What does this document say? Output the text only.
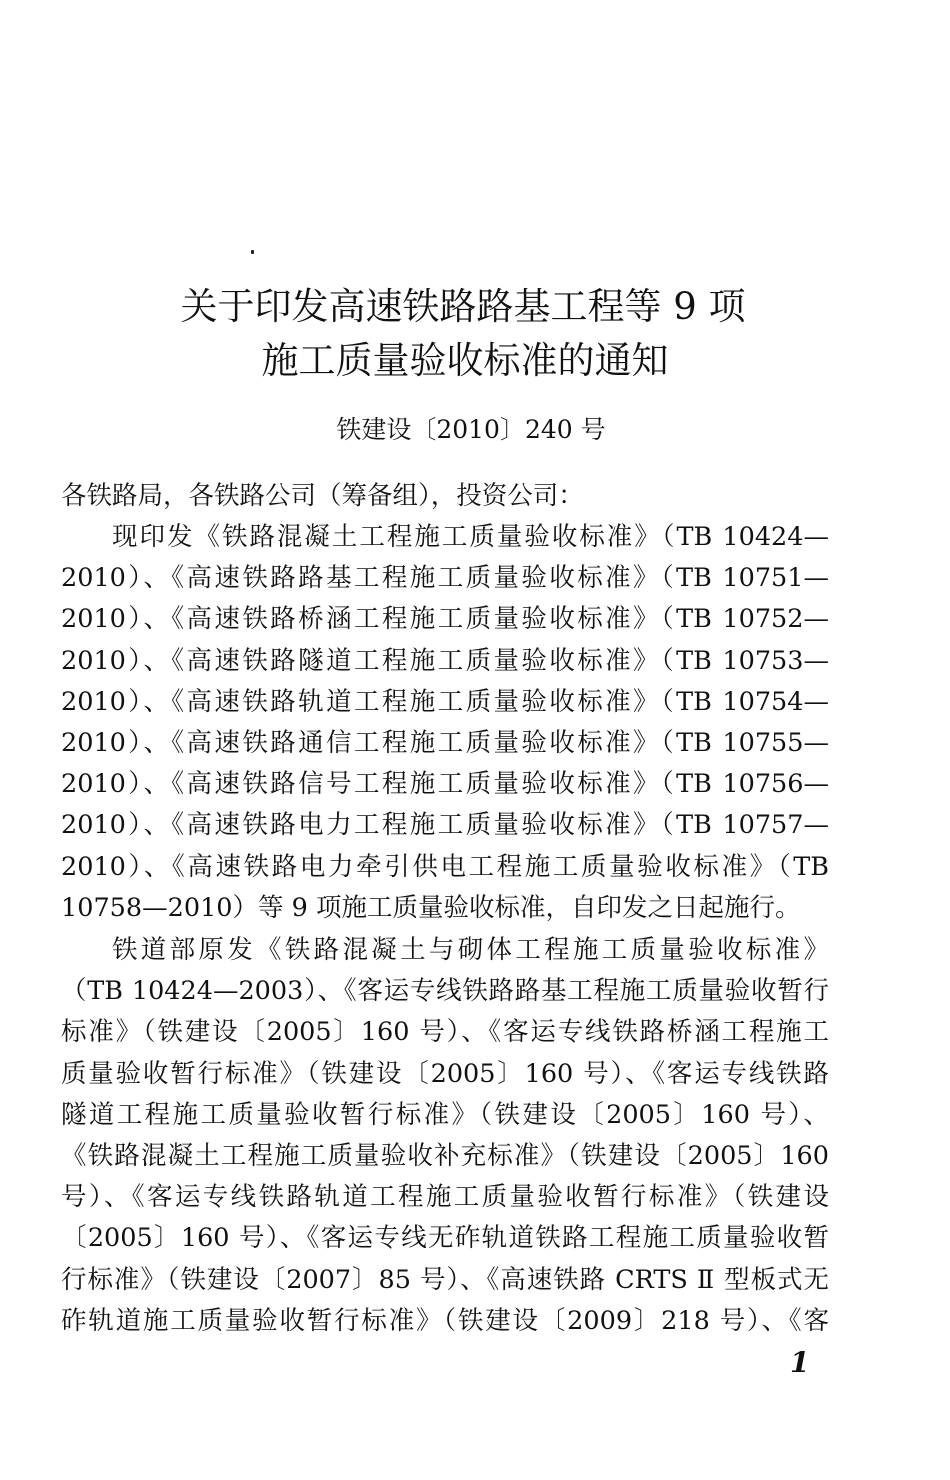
关于印发高速铁路路基工程等 9 项
施工质量验收标准的通知
铁建设〔2010〕240 号
各铁路局，各铁路公司（筹备组），投资公司：
现印发《铁路混凝土工程施工质量验收标准》（TB 10424—
2010）、《高速铁路路基工程施工质量验收标准》（TB 10751—
2010）、《高速铁路桥涵工程施工质量验收标准》（TB 10752—
2010）、《高速铁路隧道工程施工质量验收标准》（TB 10753—
2010）、《高速铁路轨道工程施工质量验收标准》（TB 10754—
2010）、《高速铁路通信工程施工质量验收标准》（TB 10755—
2010）、《高速铁路信号工程施工质量验收标准》（TB 10756—
2010）、《高速铁路电力工程施工质量验收标准》（TB 10757—
2010）、《高速铁路电力牵引供电工程施工质量验收标准》（TB
10758—2010）等 9 项施工质量验收标准，自印发之日起施行。
铁道部原发《铁路混凝土与砌体工程施工质量验收标准》
（TB 10424—2003）、《客运专线铁路路基工程施工质量验收暂行
标准》（铁建设〔2005〕160 号）、《客运专线铁路桥涵工程施工
质量验收暂行标准》（铁建设〔2005〕160 号）、《客运专线铁路
隧道工程施工质量验收暂行标准》（铁建设〔2005〕160 号）、
《铁路混凝土工程施工质量验收补充标准》（铁建设〔2005〕160
号）、《客运专线铁路轨道工程施工质量验收暂行标准》（铁建设
〔2005〕160 号）、《客运专线无砟轨道铁路工程施工质量验收暂
行标准》（铁建设〔2007〕85 号）、《高速铁路 CRTS Ⅱ 型板式无
砟轨道施工质量验收暂行标准》（铁建设〔2009〕218 号）、《客
1
